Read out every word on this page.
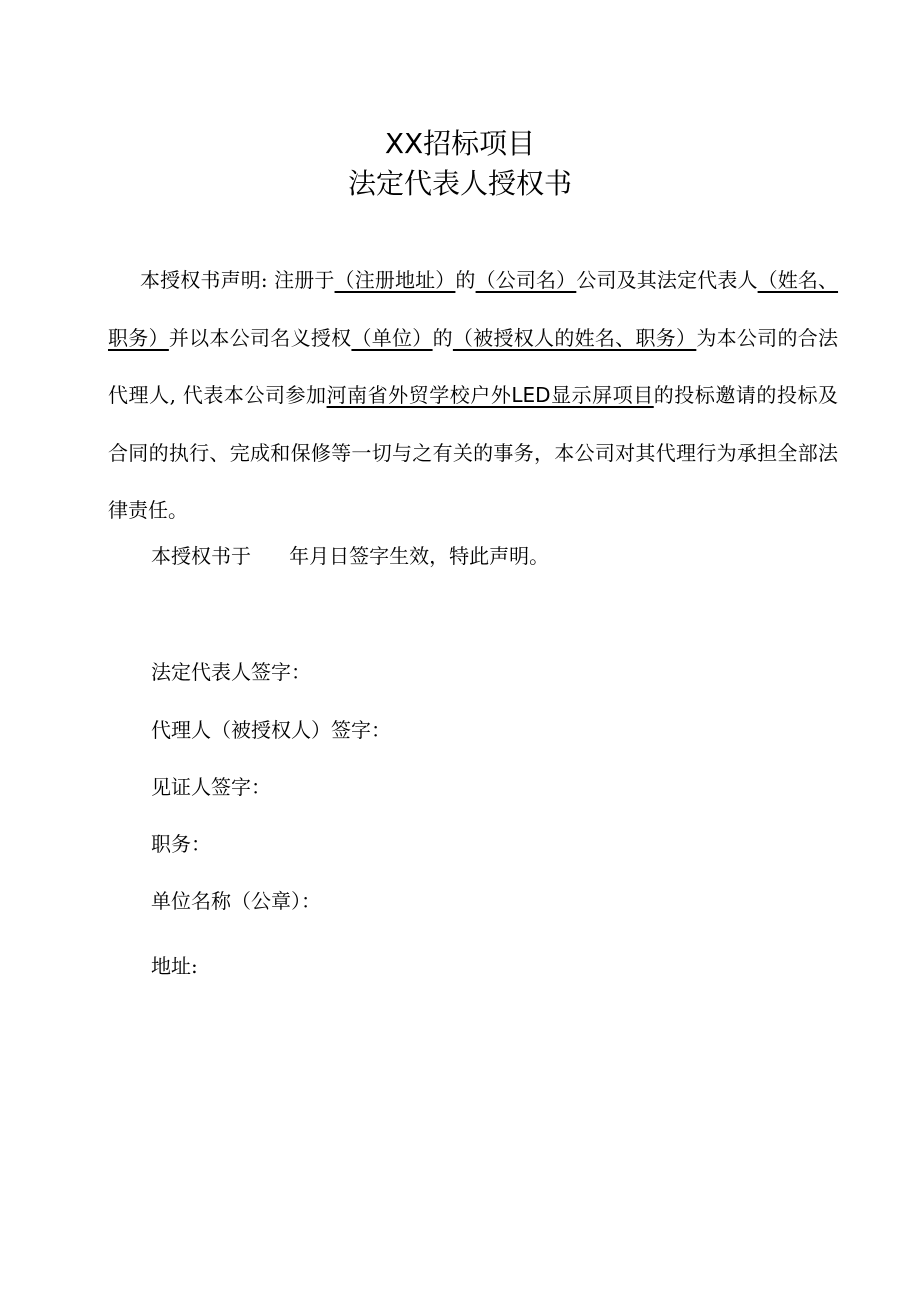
XX招标项目
法定代表人授权书
本授权书声明: 注册于（注册地址）的（公司名）公司及其法定代表人（姓名、职务）并以本公司名义授权（单位）的（被授权人的姓名、职务）为本公司的合法代理人, 代表本公司参加河南省外贸学校户外LED显示屏项目的投标邀请的投标及合同的执行、完成和保修等一切与之有关的事务，本公司对其代理行为承担全部法律责任。
本授权书于      年月日签字生效，特此声明。
法定代表人签字：
代理人（被授权人）签字：
见证人签字：
职务：
单位名称（公章）：
地址:
